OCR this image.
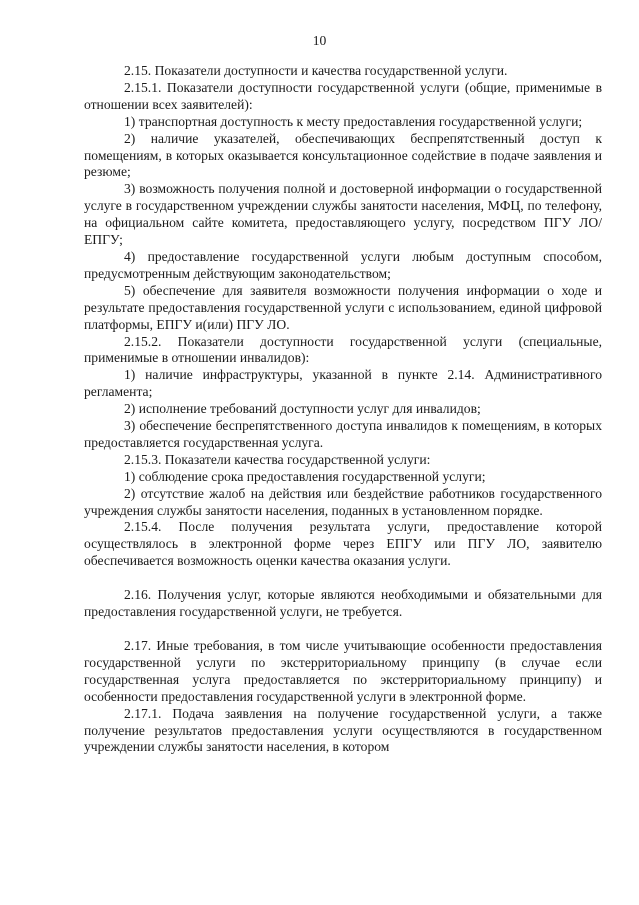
10

2.15. Показатели доступности и качества государственной услуги.

2.15.1. Показатели доступности государственной услуги (общие, применимые в отношении всех заявителей):

1) транспортная доступность к месту предоставления государственной услуги;

2) наличие указателей, обеспечивающих беспрепятственный доступ к помещениям, в которых оказывается консультационное содействие в подаче заявления и резюме;

3) возможность получения полной и достоверной информации о государственной услуге в государственном учреждении службы занятости населения, МФЦ, по телефону, на официальном сайте комитета, предоставляющего услугу, посредством ПГУ ЛО/ЕПГУ;

4) предоставление государственной услуги любым доступным способом, предусмотренным действующим законодательством;

5) обеспечение для заявителя возможности получения информации о ходе и результате предоставления государственной услуги с использованием, единой цифровой платформы, ЕПГУ и(или) ПГУ ЛО.

2.15.2. Показатели доступности государственной услуги (специальные, применимые в отношении инвалидов):

1) наличие инфраструктуры, указанной в пункте 2.14. Административного регламента;

2) исполнение требований доступности услуг для инвалидов;

3) обеспечение беспрепятственного доступа инвалидов к помещениям, в которых предоставляется государственная услуга.

2.15.3. Показатели качества государственной услуги:

1) соблюдение срока предоставления государственной услуги;

2) отсутствие жалоб на действия или бездействие работников государственного учреждения службы занятости населения, поданных в установленном порядке.

2.15.4. После получения результата услуги, предоставление которой осуществлялось в электронной форме через ЕПГУ или ПГУ ЛО, заявителю обеспечивается возможность оценки качества оказания услуги.

2.16. Получения услуг, которые являются необходимыми и обязательными для предоставления государственной услуги, не требуется.

2.17. Иные требования, в том числе учитывающие особенности предоставления государственной услуги по экстерриториальному принципу (в случае если государственная услуга предоставляется по экстерриториальному принципу) и особенности предоставления государственной услуги в электронной форме.

2.17.1. Подача заявления на получение государственной услуги, а также получение результатов предоставления услуги осуществляются в государственном учреждении службы занятости населения, в котором
